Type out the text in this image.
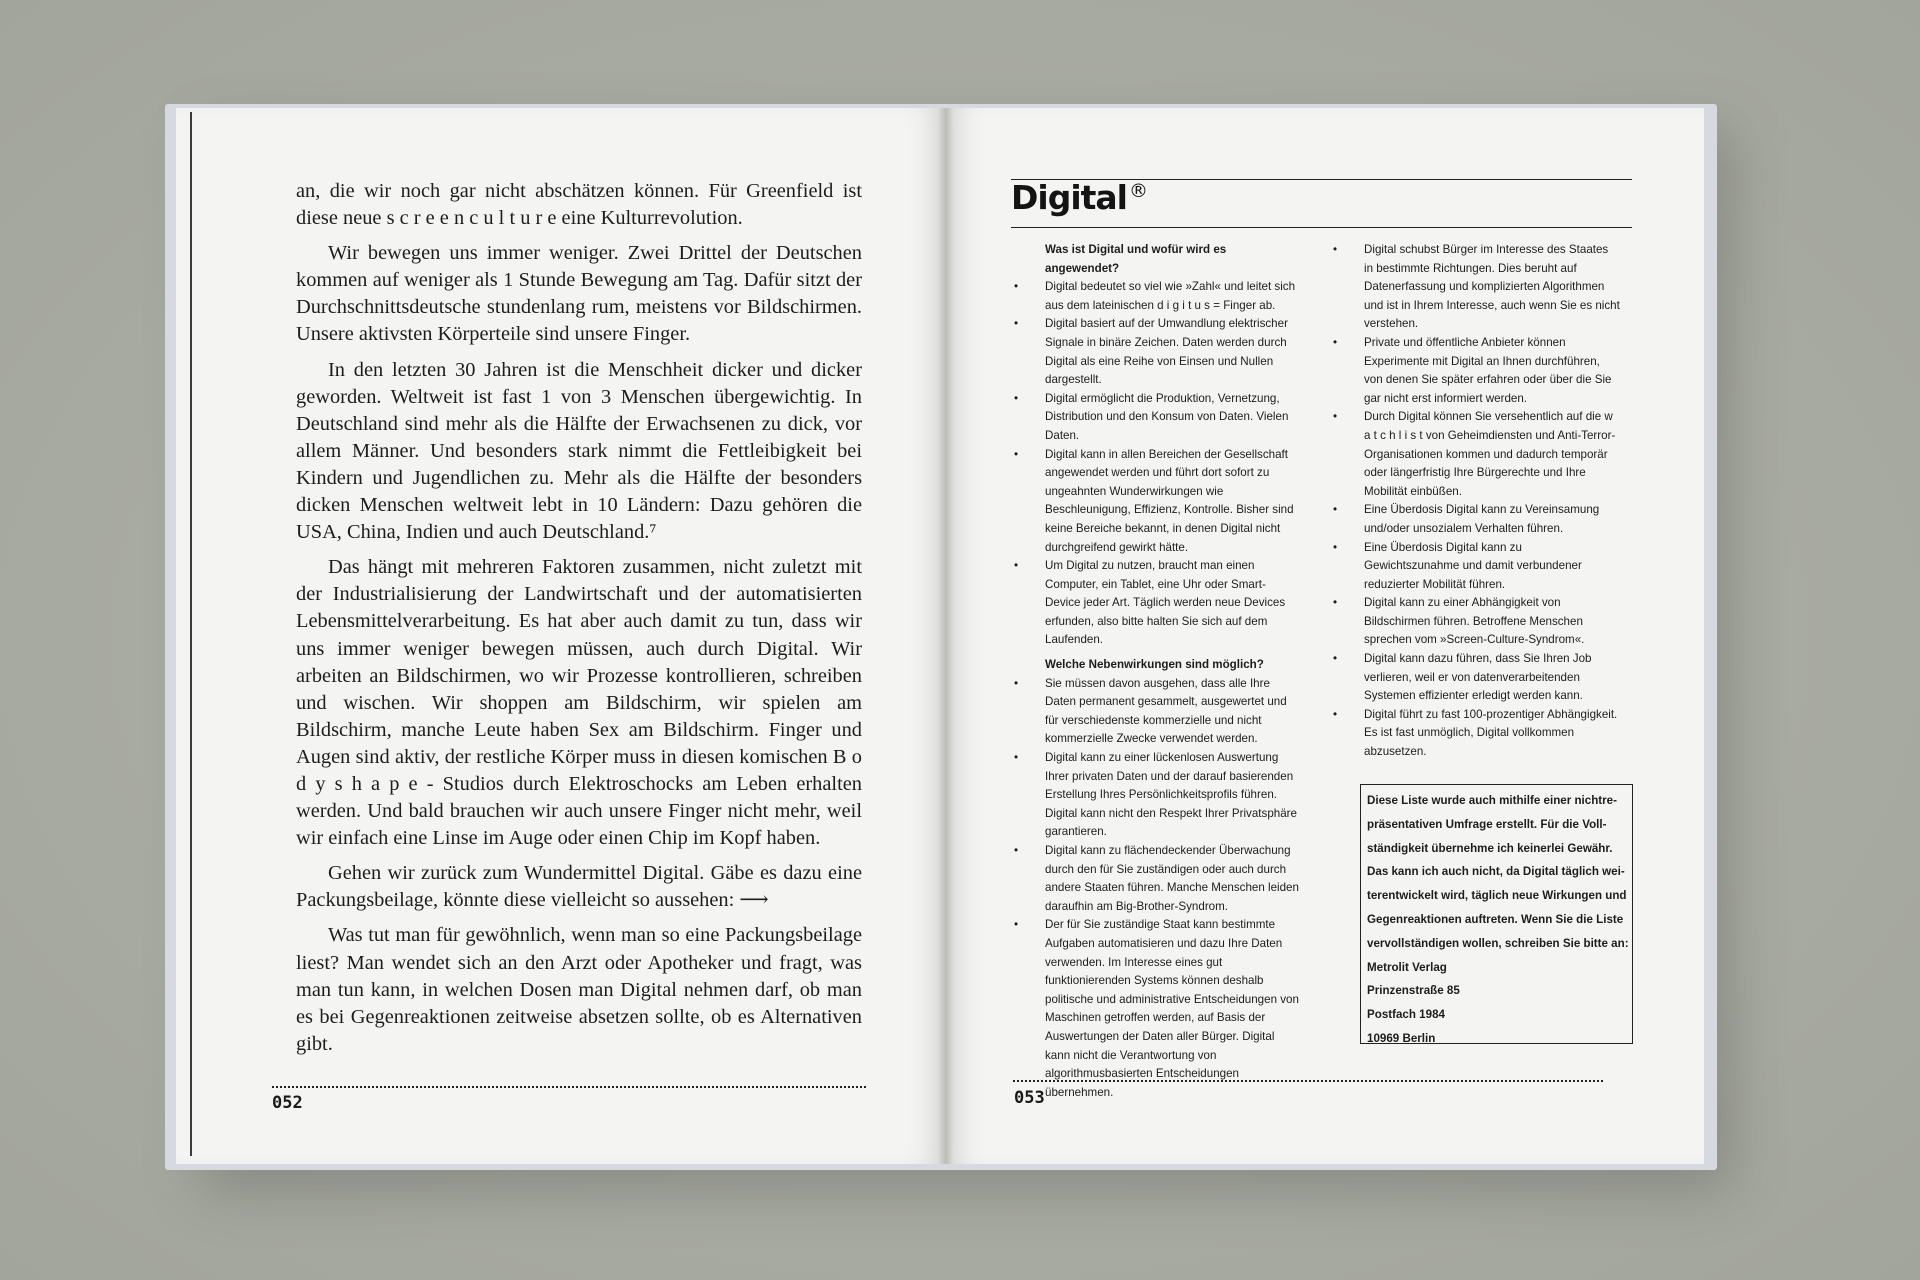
an, die wir noch gar nicht abschätzen können. Für Greenfield ist diese neue s c r e e n c u l t u r e eine Kulturrevolution.

Wir bewegen uns immer weniger. Zwei Drittel der Deutschen kommen auf weniger als 1 Stunde Bewegung am Tag. Dafür sitzt der Durchschnittsdeutsche stundenlang rum, meistens vor Bildschirmen. Unsere aktivsten Körperteile sind unsere Finger.

In den letzten 30 Jahren ist die Menschheit dicker und dicker geworden. Weltweit ist fast 1 von 3 Menschen übergewichtig. In Deutschland sind mehr als die Hälfte der Erwachsenen zu dick, vor allem Männer. Und besonders stark nimmt die Fettleibigkeit bei Kindern und Jugendlichen zu. Mehr als die Hälfte der besonders dicken Menschen weltweit lebt in 10 Ländern: Dazu gehören die USA, China, Indien und auch Deutschland.⁷

Das hängt mit mehreren Faktoren zusammen, nicht zuletzt mit der Industrialisierung der Landwirtschaft und der automatisierten Lebensmittelverarbeitung. Es hat aber auch damit zu tun, dass wir uns immer weniger bewegen müssen, auch durch Digital. Wir arbeiten an Bildschirmen, wo wir Prozesse kontrollieren, schreiben und wischen. Wir shoppen am Bildschirm, wir spielen am Bildschirm, manche Leute haben Sex am Bildschirm. Finger und Augen sind aktiv, der restliche Körper muss in diesen komischen B o d y s h a p e - Studios durch Elektroschocks am Leben erhalten werden. Und bald brauchen wir auch unsere Finger nicht mehr, weil wir einfach eine Linse im Auge oder einen Chip im Kopf haben.

Gehen wir zurück zum Wundermittel Digital. Gäbe es dazu eine Packungsbeilage, könnte diese vielleicht so aussehen: ⟶

Was tut man für gewöhnlich, wenn man so eine Packungsbeilage liest? Man wendet sich an den Arzt oder Apotheker und fragt, was man tun kann, in welchen Dosen man Digital nehmen darf, ob man es bei Gegenreaktionen zeitweise absetzen sollte, ob es Alternativen gibt.

052
Digital ®
Was ist Digital und wofür wird es angewendet?
• Digital bedeutet so viel wie »Zahl« und leitet sich aus dem lateinischen d i g i t u s = Finger ab.
• Digital basiert auf der Umwandlung elektrischer Signale in binäre Zeichen. Daten werden durch Digital als eine Reihe von Einsen und Nullen dargestellt.
• Digital ermöglicht die Produktion, Vernetzung, Distribution und den Konsum von Daten. Vielen Daten.
• Digital kann in allen Bereichen der Gesellschaft angewendet werden und führt dort sofort zu ungeahnten Wunderwirkungen wie Beschleunigung, Effizienz, Kontrolle. Bisher sind keine Bereiche bekannt, in denen Digital nicht durchgreifend gewirkt hätte.
• Um Digital zu nutzen, braucht man einen Computer, ein Tablet, eine Uhr oder Smart-Device jeder Art. Täglich werden neue Devices erfunden, also bitte halten Sie sich auf dem Laufenden.
Welche Nebenwirkungen sind möglich?
• Sie müssen davon ausgehen, dass alle Ihre Daten permanent gesammelt, ausgewertet und für verschiedenste kommerzielle und nicht kommerzielle Zwecke verwendet werden.
• Digital kann zu einer lückenlosen Auswertung Ihrer privaten Daten und der darauf basierenden Erstellung Ihres Persönlichkeitsprofils führen. Digital kann nicht den Respekt Ihrer Privatsphäre garantieren.
• Digital kann zu flächendeckender Überwachung durch den für Sie zuständigen oder auch durch andere Staaten führen. Manche Menschen leiden daraufhin am Big-Brother-Syndrom.
• Der für Sie zuständige Staat kann bestimmte Aufgaben automatisieren und dazu Ihre Daten verwenden. Im Interesse eines gut funktionierenden Systems können deshalb politische und administrative Entscheidungen von Maschinen getroffen werden, auf Basis der Auswertungen der Daten aller Bürger. Digital kann nicht die Verantwortung von algorithmusbasierten Entscheidungen übernehmen.
• Digital schubst Bürger im Interesse des Staates in bestimmte Richtungen. Dies beruht auf Datenerfassung und komplizierten Algorithmen und ist in Ihrem Interesse, auch wenn Sie es nicht verstehen.
• Private und öffentliche Anbieter können Experimente mit Digital an Ihnen durchführen, von denen Sie später erfahren oder über die Sie gar nicht erst informiert werden.
• Durch Digital können Sie versehentlich auf die w a t c h l i s t von Geheimdiensten und Anti-Terror-Organisationen kommen und dadurch temporär oder längerfristig Ihre Bürgerechte und Ihre Mobilität einbüßen.
• Eine Überdosis Digital kann zu Vereinsamung und/oder unsozialem Verhalten führen.
• Eine Überdosis Digital kann zu Gewichtszunahme und damit verbundener reduzierter Mobilität führen.
• Digital kann zu einer Abhängigkeit von Bildschirmen führen. Betroffene Menschen sprechen vom »Screen-Culture-Syndrom«.
• Digital kann dazu führen, dass Sie Ihren Job verlieren, weil er von datenverarbeitenden Systemen effizienter erledigt werden kann.
• Digital führt zu fast 100-prozentiger Abhängigkeit. Es ist fast unmöglich, Digital vollkommen abzusetzen.
Diese Liste wurde auch mithilfe einer nichtre-
präsentativen Umfrage erstellt. Für die Voll-
ständigkeit übernehme ich keinerlei Gewähr.
Das kann ich auch nicht, da Digital täglich wei-
terentwickelt wird, täglich neue Wirkungen und
Gegenreaktionen auftreten. Wenn Sie die Liste
vervollständigen wollen, schreiben Sie bitte an:
Metrolit Verlag
Prinzenstraße 85
Postfach 1984
10969 Berlin
053
